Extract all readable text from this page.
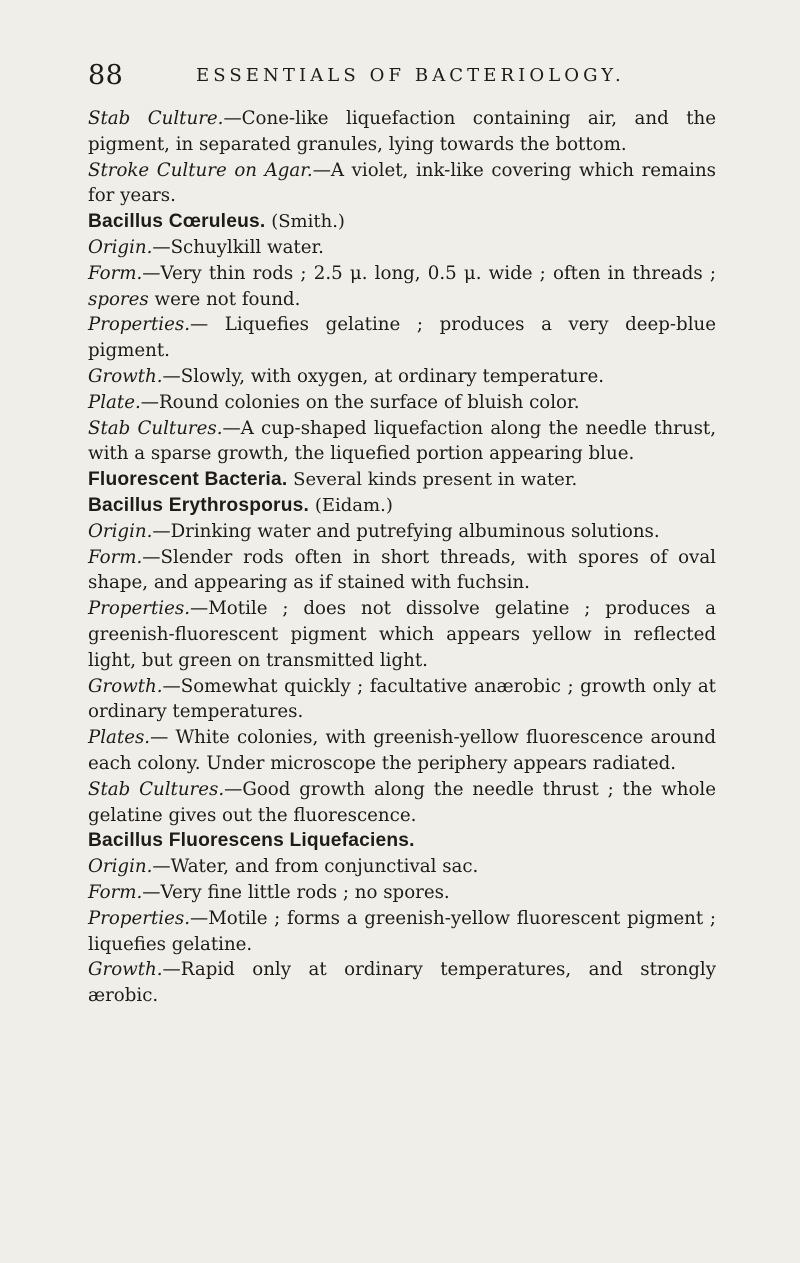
88	ESSENTIALS OF BACTERIOLOGY.

Stab Culture.—Cone-like liquefaction containing air, and the pigment, in separated granules, lying towards the bottom.

Stroke Culture on Agar.—A violet, ink-like covering which remains for years.

Bacillus Cœruleus. (Smith.)

Origin.—Schuylkill water.

Form.—Very thin rods ; 2.5 μ. long, 0.5 μ. wide ; often in threads ; spores were not found.

Properties.— Liquefies gelatine ; produces a very deep-blue pigment.

Growth.—Slowly, with oxygen, at ordinary temperature.

Plate.—Round colonies on the surface of bluish color.

Stab Cultures.—A cup-shaped liquefaction along the needle thrust, with a sparse growth, the liquefied portion appearing blue.

Fluorescent Bacteria. Several kinds present in water.

Bacillus Erythrosporus. (Eidam.)

Origin.—Drinking water and putrefying albuminous solutions.

Form.—Slender rods often in short threads, with spores of oval shape, and appearing as if stained with fuchsin.

Properties.—Motile ; does not dissolve gelatine ; produces a greenish-fluorescent pigment which appears yellow in reflected light, but green on transmitted light.

Growth.—Somewhat quickly ; facultative anærobic ; growth only at ordinary temperatures.

Plates.— White colonies, with greenish-yellow fluorescence around each colony. Under microscope the periphery appears radiated.

Stab Cultures.—Good growth along the needle thrust ; the whole gelatine gives out the fluorescence.

Bacillus Fluorescens Liquefaciens.

Origin.—Water, and from conjunctival sac.

Form.—Very fine little rods ; no spores.

Properties.—Motile ; forms a greenish-yellow fluorescent pigment ; liquefies gelatine.

Growth.—Rapid only at ordinary temperatures, and strongly ærobic.
